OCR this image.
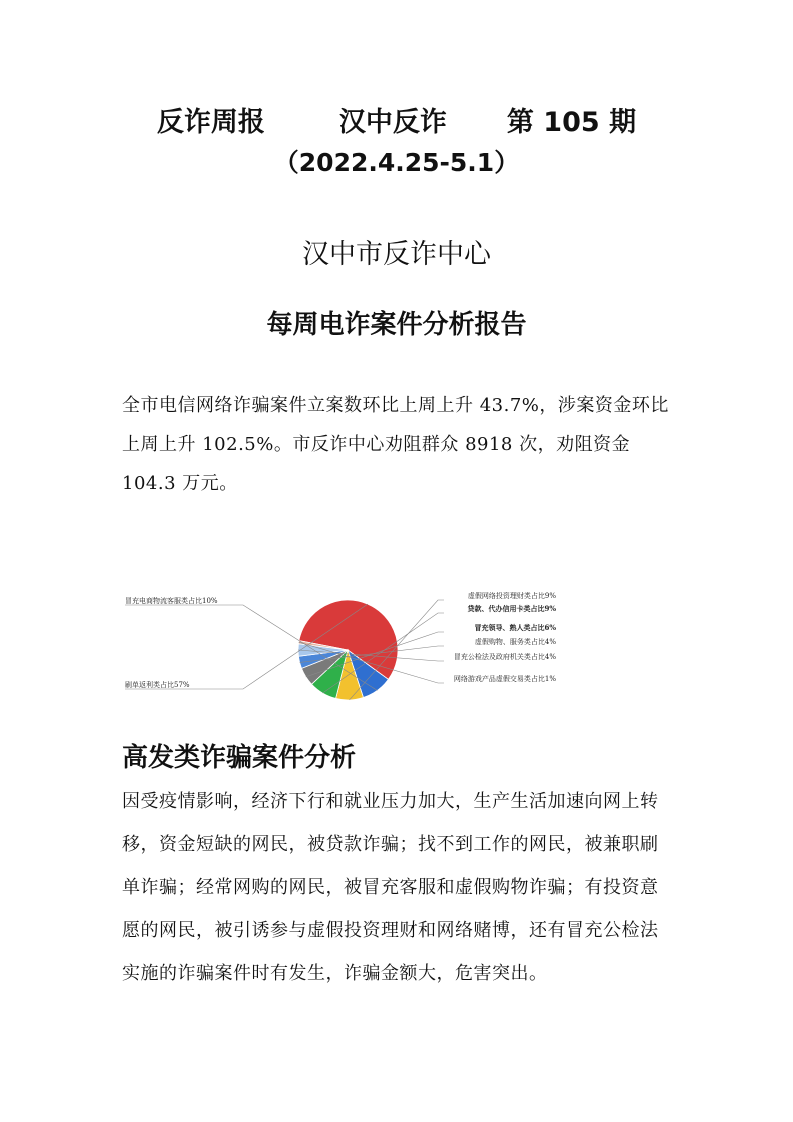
反诈周报	汉中反诈 第 105 期
（2022.4.25-5.1）
汉中市反诈中心
每周电诈案件分析报告
全市电信网络诈骗案件立案数环比上周上升 43.7%，涉案资金环比上周上升 102.5%。市反诈中心劝阻群众 8918 次，劝阻资金 104.3 万元。
刷单返利类占比57%
冒充电商物流客服类占比10%
虚假网络投资理财类占比9%
贷款、代办信用卡类占比9%
冒充领导、熟人类占比6%
虚假购物、服务类占比4%
冒充公检法及政府机关类占比4%
网络游戏产品虚假交易类占比1%
高发类诈骗案件分析
因受疫情影响，经济下行和就业压力加大，生产生活加速向网上转移，资金短缺的网民，被贷款诈骗；找不到工作的网民，被兼职刷单诈骗；经常网购的网民，被冒充客服和虚假购物诈骗；有投资意愿的网民，被引诱参与虚假投资理财和网络赌博，还有冒充公检法实施的诈骗案件时有发生，诈骗金额大，危害突出。
